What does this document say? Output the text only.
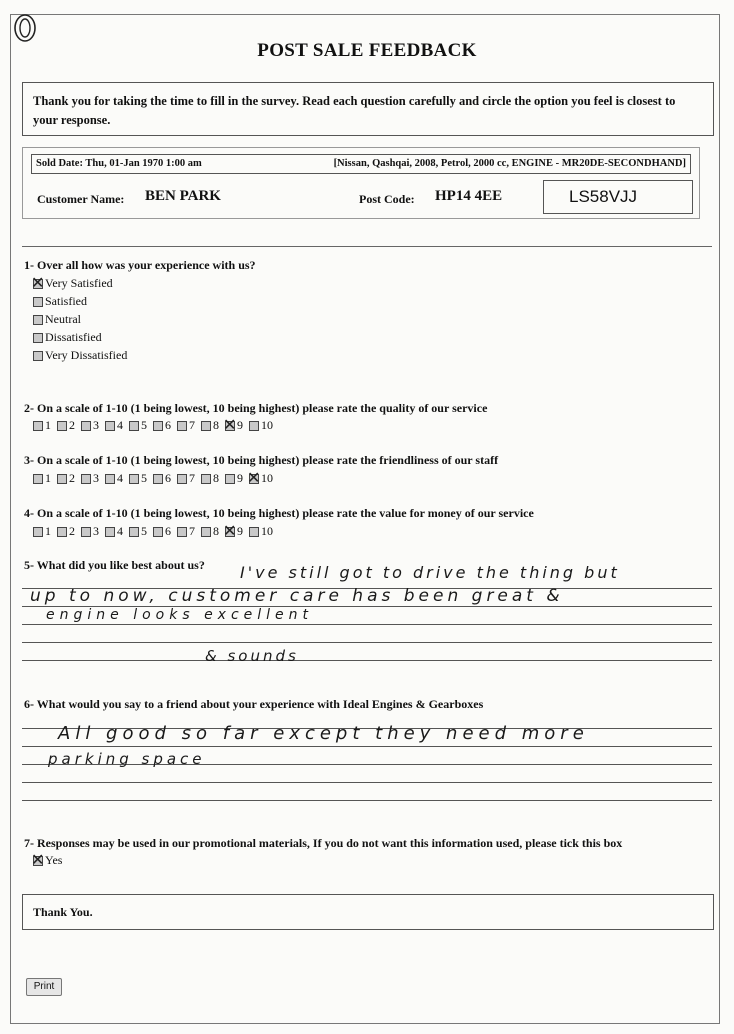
POST SALE FEEDBACK
Thank you for taking the time to fill in the survey. Read each question carefully and circle the option you feel is closest to your response.
Sold Date: Thu, 01-Jan 1970 1:00 am	[Nissan, Qashqai, 2008, Petrol, 2000 cc, ENGINE - MR20DE-SECONDHAND]
Customer Name: BEN PARK	Post Code: HP14 4EE	LS58VJJ
1- Over all how was your experience with us?
✕
Very Satisfied
Satisfied
Neutral
Dissatisfied
Very Dissatisfied
2- On a scale of 1-10 (1 being lowest, 10 being highest) please rate the quality of our service
1 2 3 4 5 6 7 8 ✕ 9 10
3- On a scale of 1-10 (1 being lowest, 10 being highest) please rate the friendliness of our staff
1 2 3 4 5 6 7 8 9 ✕ 10
4- On a scale of 1-10 (1 being lowest, 10 being highest) please rate the value for money of our service
1 2 3 4 5 6 7 8 ✕ 9 10
5- What did you like best about us? I've still got to drive the thing but
up to now, customer care has been great &
engine looks excellent
& sounds
6- What would you say to a friend about your experience with Ideal Engines & Gearboxes
All good so far except they need more
parking space
7- Responses may be used in our promotional materials, If you do not want this information used, please tick this box
✕
Yes
Thank You.
Print
